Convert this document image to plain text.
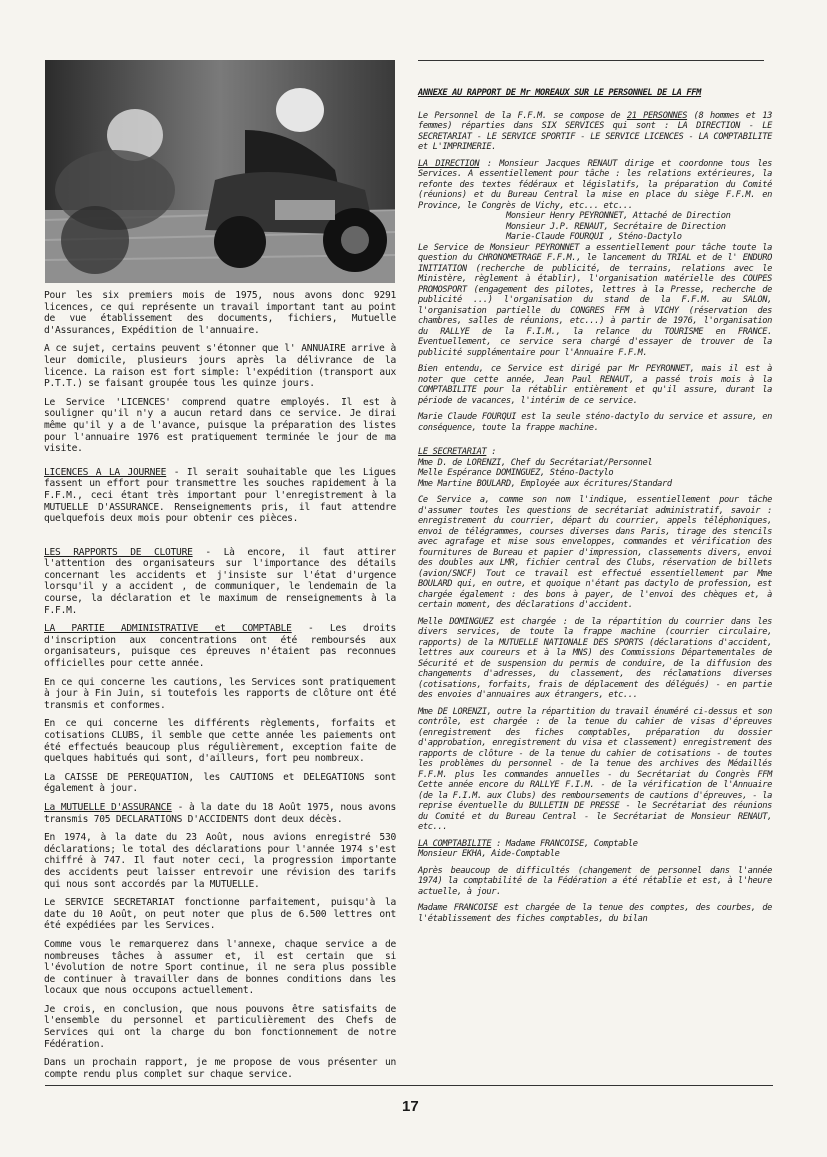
Pour les six premiers mois de 1975, nous avons donc 9291 licences, ce qui représente un travail important tant au point de vue établissement des documents, fichiers, Mutuelle d'Assurances, Expédition de l'annuaire.

A ce sujet, certains peuvent s'étonner que l' ANNUAIRE arrive à leur domicile, plusieurs jours après la délivrance de la licence. La raison est fort simple: l'expédition (transport aux P.T.T.) se faisant groupée tous les quinze jours.

Le Service 'LICENCES' comprend quatre employés. Il est à souligner qu'il n'y a aucun retard dans ce service. Je dirai même qu'il y a de l'avance, puisque la préparation des listes pour l'annuaire 1976 est pratiquement terminée le jour de ma visite.

LICENCES A LA JOURNEE - Il serait souhaitable que les Ligues fassent un effort pour transmettre les souches rapidement à la F.F.M., ceci étant très important pour l'enregistrement à la MUTUELLE D'ASSURANCE. Renseignements pris, il faut attendre quelquefois deux mois pour obtenir ces pièces.

LES RAPPORTS DE CLOTURE - Là encore, il faut attirer l'attention des organisateurs sur l'importance des détails concernant les accidents et j'insiste sur l'état d'urgence lorsqu'il y a accident , de communiquer, le lendemain de la course, la déclaration et le maximum de renseignements à la F.F.M.

LA PARTIE ADMINISTRATIVE et COMPTABLE - Les droits d'inscription aux concentrations ont été remboursés aux organisateurs, puisque ces épreuves n'étaient pas reconnues officielles pour cette année.

En ce qui concerne les cautions, les Services sont pratiquement à jour à Fin Juin, si toutefois les rapports de clôture ont été transmis et conformes.

En ce qui concerne les différents règlements, forfaits et cotisations CLUBS, il semble que cette année les paiements ont été effectués beaucoup plus régulièrement, exception faite de quelques habitués qui sont, d'ailleurs, fort peu nombreux.

La CAISSE DE PEREQUATION, les CAUTIONS et DELEGATIONS sont également à jour.

La MUTUELLE D'ASSURANCE - à la date du 18 Août 1975, nous avons transmis 705 DECLARATIONS D'ACCIDENTS dont deux décès.

En 1974, à la date du 23 Août, nous avions enregistré 530 déclarations; le total des déclarations pour l'année 1974 s'est chiffré à 747. Il faut noter ceci, la progression importante des accidents peut laisser entrevoir une révision des tarifs qui nous sont accordés par la MUTUELLE.

Le SERVICE SECRETARIAT fonctionne parfaitement, puisqu'à la date du 10 Août, on peut noter que plus de 6.500 lettres ont été expédiées par les Services.

Comme vous le remarquerez dans l'annexe, chaque service a de nombreuses tâches à assumer et, il est certain que si l'évolution de notre Sport continue, il ne sera plus possible de continuer à travailler dans de bonnes conditions dans les locaux que nous occupons actuellement.

Je crois, en conclusion, que nous pouvons être satisfaits de l'ensemble du personnel et particulièrement des Chefs de Services qui ont la charge du bon fonctionnement de notre Fédération.

Dans un prochain rapport, je me propose de vous présenter un compte rendu plus complet sur chaque service.

ANNEXE AU RAPPORT DE Mr MOREAUX SUR LE PERSONNEL DE LA FFM

Le Personnel de la F.F.M. se compose de 21 PERSONNES (8 hommes et 13 femmes) réparties dans SIX SERVICES qui sont : LA DIRECTION - LE SECRETARIAT - LE SERVICE SPORTIF - LE SERVICE LICENCES - LA COMPTABILITE et L'IMPRIMERIE.

LA DIRECTION : Monsieur Jacques RENAUT dirige et coordonne tous les Services. A essentiellement pour tâche : les relations extérieures, la refonte des textes fédéraux et législatifs, la préparation du Comité (réunions) et du Bureau Central la mise en place du siège F.F.M. en Province, le Congrès de Vichy, etc... etc...

Monsieur Henry PEYRONNET, Attaché de Direction

Monsieur J.P. RENAUT, Secrétaire de Direction

Marie-Claude FOURQUI , Sténo-Dactylo

Le Service de Monsieur PEYRONNET a essentiellement pour tâche toute la question du CHRONOMETRAGE F.F.M., le lancement du TRIAL et de l' ENDURO INITIATION (recherche de publicité, de terrains, relations avec le Ministère, règlement à établir), l'organisation matérielle des COUPES PROMOSPORT (engagement des pilotes, lettres à la Presse, recherche de publicité ...) l'organisation du stand de la F.F.M. au SALON, l'organisation partielle du CONGRES FFM à VICHY (réservation des chambres, salles de réunions, etc...) à partir de 1976, l'organisation du RALLYE de la F.I.M., la relance du TOURISME en FRANCE. Eventuellement, ce service sera chargé d'essayer de trouver de la publicité supplémentaire pour l'Annuaire F.F.M.

Bien entendu, ce Service est dirigé par Mr PEYRONNET, mais il est à noter que cette année, Jean Paul RENAUT, a passé trois mois à la COMPTABILITE pour la rétablir entièrement et qu'il assure, durant la période de vacances, l'intérim de ce service.

Marie Claude FOURQUI est la seule sténo-dactylo du service et assure, en conséquence, toute la frappe machine.

LE SECRETARIAT :

Mme D. de LORENZI, Chef du Secrétariat/Personnel
Melle Espérance DOMINGUEZ, Sténo-Dactylo
Mme Martine BOULARD, Employée aux écritures/Standard

Ce Service a, comme son nom l'indique, essentiellement pour tâche d'assumer toutes les questions de secrétariat administratif, savoir : enregistrement du courrier, départ du courrier, appels téléphoniques, envoi de télégrammes, courses diverses dans Paris, tirage des stencils avec agrafage et mise sous enveloppes, commandes et vérification des fournitures de Bureau et papier d'impression, classements divers, envoi des doubles aux LMR, fichier central des Clubs, réservation de billets (avion/SNCF) Tout ce travail est effectué essentiellement par Mme BOULARD qui, en outre, et quoique n'étant pas dactylo de profession, est chargée également : des bons à payer, de l'envoi des chèques et, à certain moment, des déclarations d'accident.

Melle DOMINGUEZ est chargée : de la répartition du courrier dans les divers services, de toute la frappe machine (courrier circulaire, rapports) de la MUTUELLE NATIONALE DES SPORTS (déclarations d'accident, lettres aux coureurs et à la MNS) des Commissions Départementales de Sécurité et de suspension du permis de conduire, de la diffusion des changements d'adresses, du classement, des réclamations diverses (cotisations, forfaits, frais de déplacement des délégués) - en partie des envoies d'annuaires aux étrangers, etc...

Mme DE LORENZI, outre la répartition du travail énuméré ci-dessus et son contrôle, est chargée : de la tenue du cahier de visas d'épreuves (enregistrement des fiches comptables, préparation du dossier d'approbation, enregistrement du visa et classement) enregistrement des rapports de clôture - de la tenue du cahier de cotisations - de toutes les problèmes du personnel - de la tenue des archives des Médaillés F.F.M. plus les commandes annuelles - du Secrétariat du Congrès FFM Cette année encore du RALLYE F.I.M. - de la vérification de l'Annuaire (de la F.I.M. aux Clubs) des remboursements de cautions d'épreuves, - la reprise éventuelle du BULLETIN DE PRESSE - le Secrétariat des réunions du Comité et du Bureau Central - le Secrétariat de Monsieur RENAUT, etc...

LA COMPTABILITE : Madame FRANCOISE, Comptable
Monsieur EKHA, Aide-Comptable

Après beaucoup de difficultés (changement de personnel dans l'année 1974) la comptabilité de la Fédération a été rétablie et est, à l'heure actuelle, à jour.

Madame FRANCOISE est chargée de la tenue des comptes, des courbes, de l'établissement des fiches comptables, du bilan

17
